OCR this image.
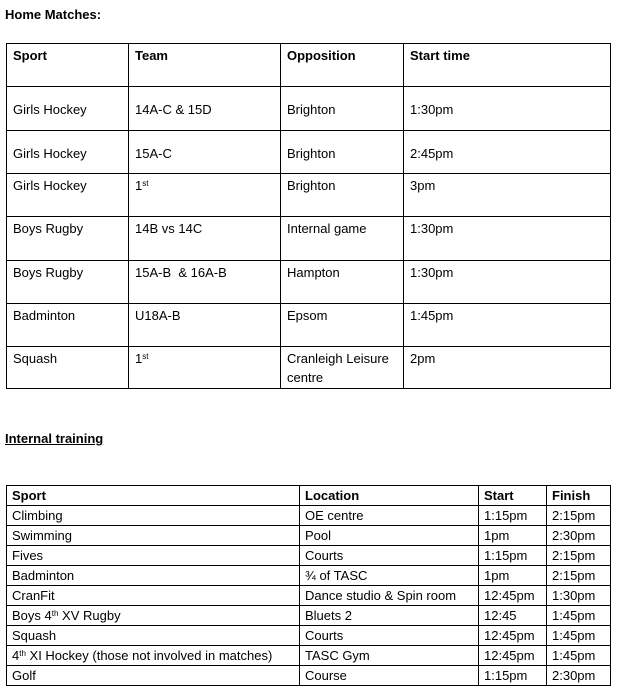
Home Matches:
Sport	Team	Opposition	Start time
Girls Hockey	14A-C & 15D	Brighton	1:30pm
Girls Hockey	15A-C	Brighton	2:45pm
Girls Hockey	1st	Brighton	3pm
Boys Rugby	14B vs 14C	Internal game	1:30pm
Boys Rugby	15A-B  & 16A-B	Hampton	1:30pm
Badminton	U18A-B	Epsom	1:45pm
Squash	1st	Cranleigh Leisure centre	2pm
Internal training
Sport	Location	Start	Finish
Climbing	OE centre	1:15pm	2:15pm
Swimming	Pool	1pm	2:30pm
Fives	Courts	1:15pm	2:15pm
Badminton	¾ of TASC	1pm	2:15pm
CranFit	Dance studio & Spin room	12:45pm	1:30pm
Boys 4th XV Rugby	Bluets 2	12:45	1:45pm
Squash	Courts	12:45pm	1:45pm
4th XI Hockey (those not involved in matches)	TASC Gym	12:45pm	1:45pm
Golf	Course	1:15pm	2:30pm
